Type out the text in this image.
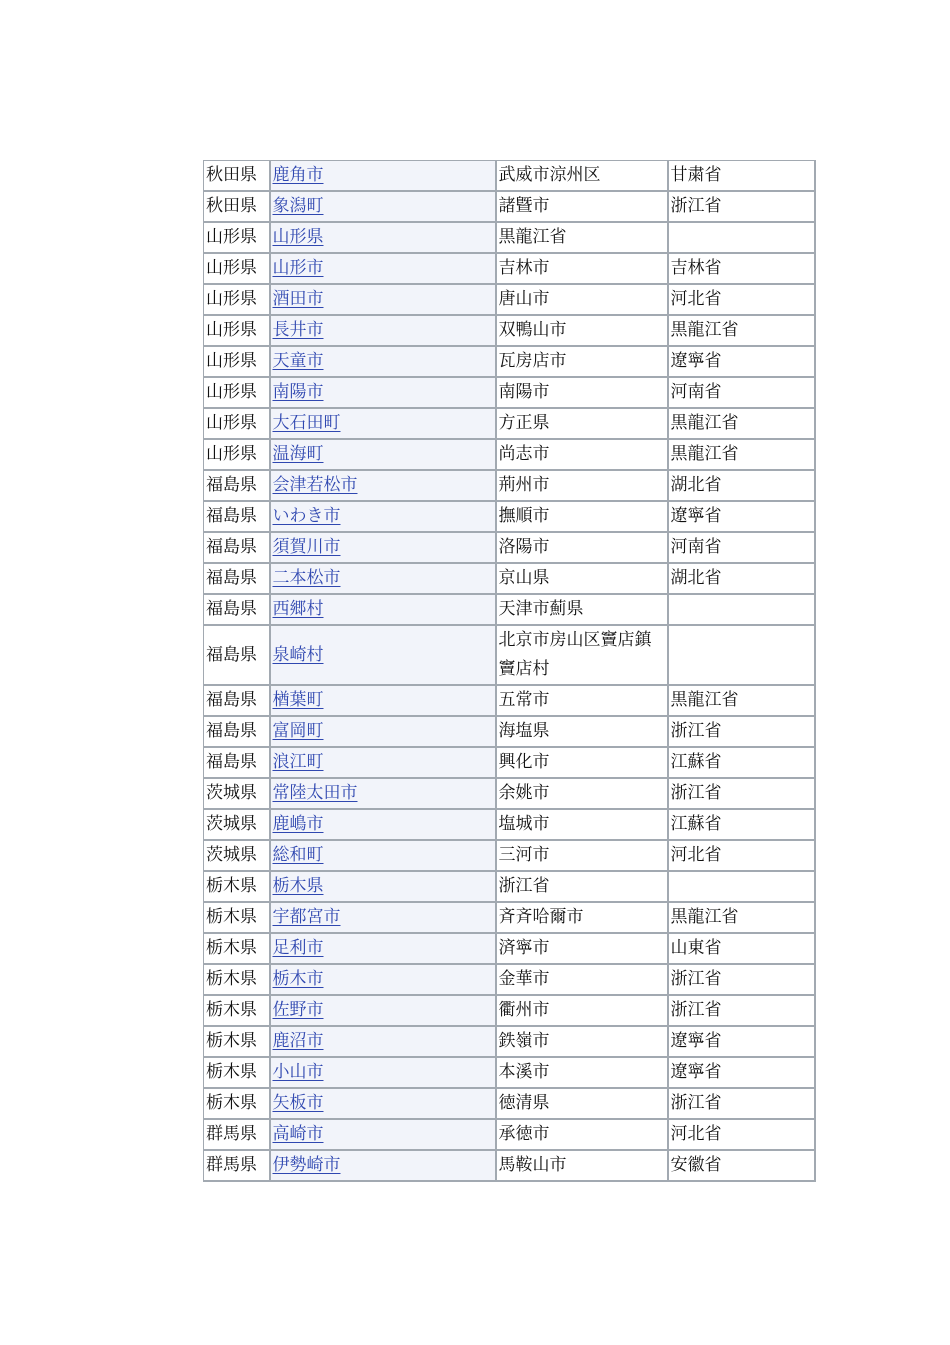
秋田県	鹿角市	武威市涼州区	甘粛省
秋田県	象潟町	諸曁市	浙江省
山形県	山形県	黒龍江省	
山形県	山形市	吉林市	吉林省
山形県	酒田市	唐山市	河北省
山形県	長井市	双鴨山市	黒龍江省
山形県	天童市	瓦房店市	遼寧省
山形県	南陽市	南陽市	河南省
山形県	大石田町	方正県	黒龍江省
山形県	温海町	尚志市	黒龍江省
福島県	会津若松市	荊州市	湖北省
福島県	いわき市	撫順市	遼寧省
福島県	須賀川市	洛陽市	河南省
福島県	二本松市	京山県	湖北省
福島県	西郷村	天津市薊県	
福島県	泉崎村	北京市房山区竇店鎮竇店村	
福島県	楢葉町	五常市	黒龍江省
福島県	富岡町	海塩県	浙江省
福島県	浪江町	興化市	江蘇省
茨城県	常陸太田市	余姚市	浙江省
茨城県	鹿嶋市	塩城市	江蘇省
茨城県	総和町	三河市	河北省
栃木県	栃木県	浙江省	
栃木県	宇都宮市	斉斉哈爾市	黒龍江省
栃木県	足利市	済寧市	山東省
栃木県	栃木市	金華市	浙江省
栃木県	佐野市	衢州市	浙江省
栃木県	鹿沼市	鉄嶺市	遼寧省
栃木県	小山市	本溪市	遼寧省
栃木県	矢板市	徳清県	浙江省
群馬県	高崎市	承徳市	河北省
群馬県	伊勢崎市	馬鞍山市	安徽省
